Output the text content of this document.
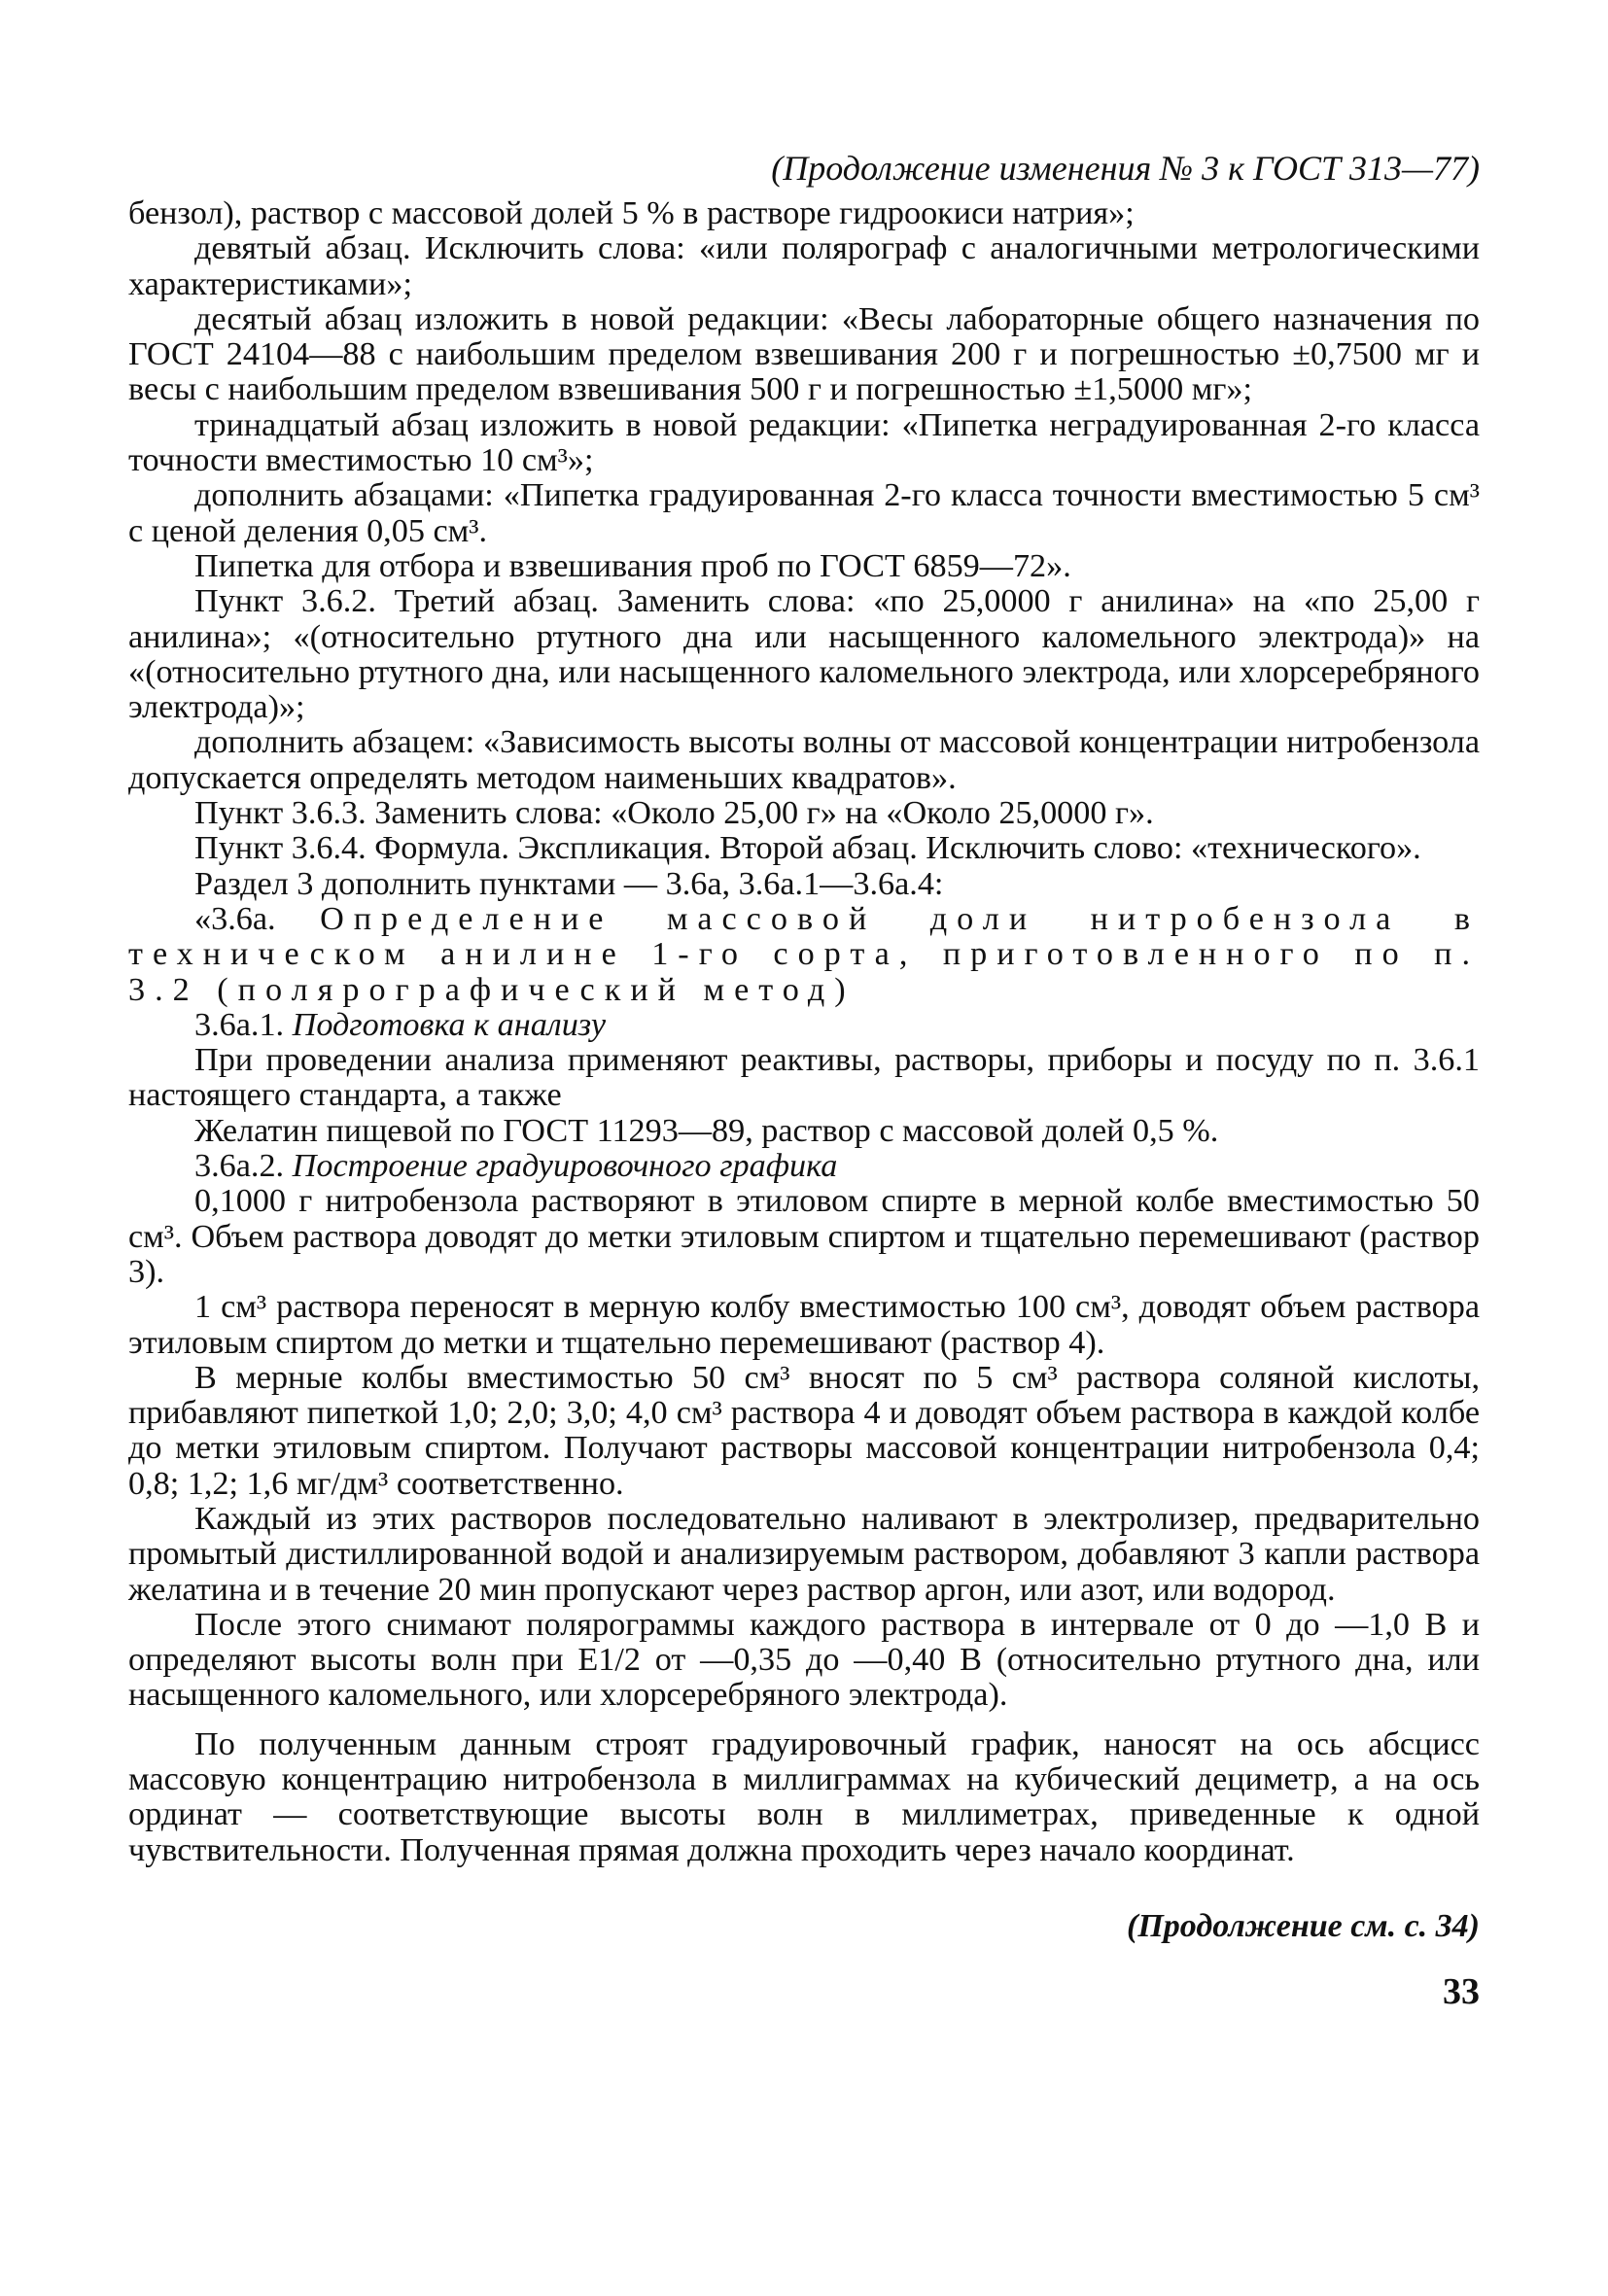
(Продолжение изменения № 3 к ГОСТ 313—77)

бензол), раствор с массовой долей 5 % в растворе гидроокиси натрия»;

девятый абзац. Исключить слова: «или полярограф с аналогичными метрологическими характеристиками»;

десятый абзац изложить в новой редакции: «Весы лабораторные общего назначения по ГОСТ 24104—88 с наибольшим пределом взвешивания 200 г и погрешностью ±0,7500 мг и весы с наибольшим пределом взвешивания 500 г и погрешностью ±1,5000 мг»;

тринадцатый абзац изложить в новой редакции: «Пипетка неградуированная 2-го класса точности вместимостью 10 см³»;

дополнить абзацами: «Пипетка градуированная 2-го класса точности вместимостью 5 см³ с ценой деления 0,05 см³.

Пипетка для отбора и взвешивания проб по ГОСТ 6859—72».

Пункт 3.6.2. Третий абзац. Заменить слова: «по 25,0000 г анилина» на «по 25,00 г анилина»; «(относительно ртутного дна или насыщенного каломельного электрода)» на «(относительно ртутного дна, или насыщенного каломельного электрода, или хлорсеребряного электрода)»;

дополнить абзацем: «Зависимость высоты волны от массовой концентрации нитробензола допускается определять методом наименьших квадратов».

Пункт 3.6.3. Заменить слова: «Около 25,00 г» на «Около 25,0000 г».

Пункт 3.6.4. Формула. Экспликация. Второй абзац. Исключить слово: «технического».

Раздел 3 дополнить пунктами — 3.6а, 3.6а.1—3.6а.4:

«3.6а. Определение массовой доли нитробензола в техническом анилине 1-го сорта, приготовленного по п. 3.2 (полярографический метод)

3.6а.1. Подготовка к анализу

При проведении анализа применяют реактивы, растворы, приборы и посуду по п. 3.6.1 настоящего стандарта, а также

Желатин пищевой по ГОСТ 11293—89, раствор с массовой долей 0,5 %.

3.6а.2. Построение градуировочного графика

0,1000 г нитробензола растворяют в этиловом спирте в мерной колбе вместимостью 50 см³. Объем раствора доводят до метки этиловым спиртом и тщательно перемешивают (раствор 3).

1 см³ раствора переносят в мерную колбу вместимостью 100 см³, доводят объем раствора этиловым спиртом до метки и тщательно перемешивают (раствор 4).

В мерные колбы вместимостью 50 см³ вносят по 5 см³ раствора соляной кислоты, прибавляют пипеткой 1,0; 2,0; 3,0; 4,0 см³ раствора 4 и доводят объем раствора в каждой колбе до метки этиловым спиртом. Получают растворы массовой концентрации нитробензола 0,4; 0,8; 1,2; 1,6 мг/дм³ соответственно.

Каждый из этих растворов последовательно наливают в электролизер, предварительно промытый дистиллированной водой и анализируемым раствором, добавляют 3 капли раствора желатина и в течение 20 мин пропускают через раствор аргон, или азот, или водород.

После этого снимают полярограммы каждого раствора в интервале от 0 до —1,0 В и определяют высоты волн при E1/2 от —0,35 до —0,40 В (относительно ртутного дна, или насыщенного каломельного, или хлорсеребряного электрода).

По полученным данным строят градуировочный график, наносят на ось абсцисс массовую концентрацию нитробензола в миллиграммах на кубический дециметр, а на ось ординат — соответствующие высоты волн в миллиметрах, приведенные к одной чувствительности. Полученная прямая должна проходить через начало координат.

(Продолжение см. с. 34)
33
